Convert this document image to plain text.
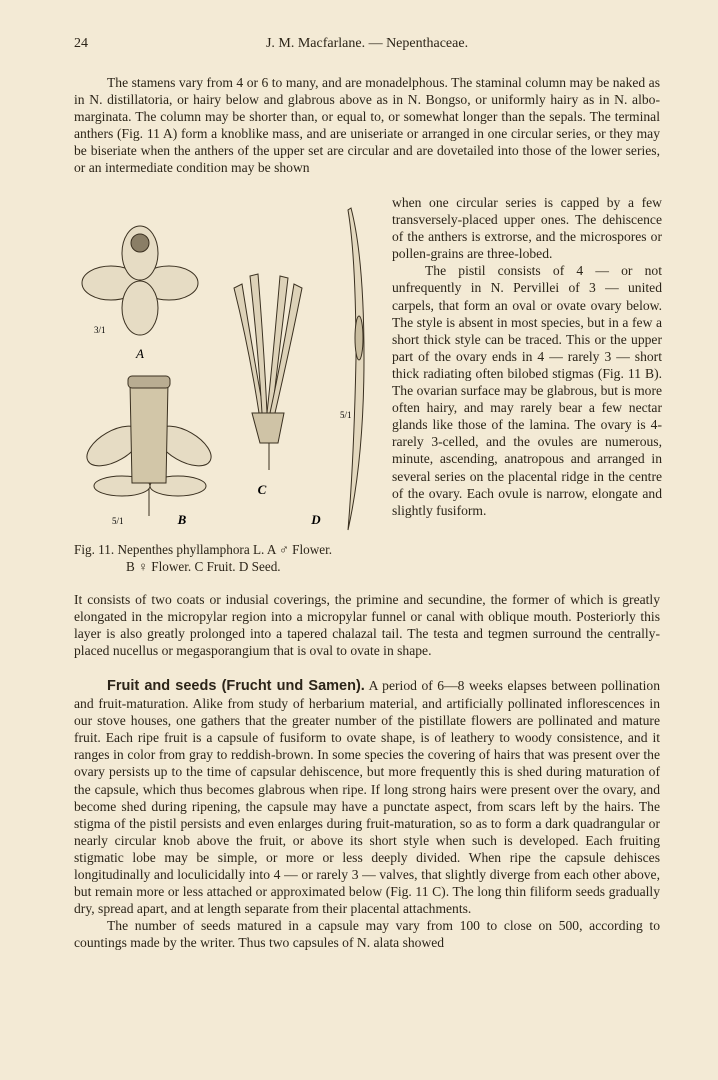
24	J. M. Macfarlane. — Nepenthaceae.

The stamens vary from 4 or 6 to many, and are monadelphous. The staminal column may be naked as in N. distillatoria, or hairy below and glabrous above as in N. Bongso, or uniformly hairy as in N. albo-marginata. The column may be shorter than, or equal to, or somewhat longer than the sepals. The terminal anthers (Fig. 11 A) form a knoblike mass, and are uniseriate or arranged in one circular series, or they may be biseriate when the anthers of the upper set are circular and are dovetailed into those of the lower series, or an intermediate condition may be shown

A
3/1
B
5/1
C
D
5/1

when one circular series is capped by a few transversely-placed upper ones. The dehiscence of the anthers is extrorse, and the microspores or pollen-grains are three-lobed.

The pistil consists of 4 — or not unfrequently in N. Pervillei of 3 — united carpels, that form an oval or ovate ovary below. The style is absent in most species, but in a few a short thick style can be traced. This or the upper part of the ovary ends in 4 — rarely 3 — short thick radiating often bilobed stigmas (Fig. 11 B). The ovarian surface may be glabrous, but is more often hairy, and may rarely bear a few nectar glands like those of the lamina. The ovary is 4- rarely 3-celled, and the ovules are numerous, minute, ascending, anatropous and arranged in several series on the placental ridge in the centre of the ovary. Each ovule is narrow, elongate and slightly fusiform.

Fig. 11. Nepenthes phyllamphora L. A ♂ Flower.
B ♀ Flower. C Fruit. D Seed.

It consists of two coats or indusial coverings, the primine and secundine, the former of which is greatly elongated in the micropylar region into a micropylar funnel or canal with oblique mouth. Posteriorly this layer is also greatly prolonged into a tapered chalazal tail. The testa and tegmen surround the centrally-placed nucellus or megasporangium that is oval to ovate in shape.

Fruit and seeds (Frucht und Samen). A period of 6—8 weeks elapses between pollination and fruit-maturation. Alike from study of herbarium material, and artificially pollinated inflorescences in our stove houses, one gathers that the greater number of the pistillate flowers are pollinated and mature fruit. Each ripe fruit is a capsule of fusiform to ovate shape, is of leathery to woody consistence, and it ranges in color from gray to reddish-brown. In some species the covering of hairs that was present over the ovary persists up to the time of capsular dehiscence, but more frequently this is shed during maturation of the capsule, which thus becomes glabrous when ripe. If long strong hairs were present over the ovary, and become shed during ripening, the capsule may have a punctate aspect, from scars left by the hairs. The stigma of the pistil persists and even enlarges during fruit-maturation, so as to form a dark quadrangular or nearly circular knob above the fruit, or above its short style when such is developed. Each fruiting stigmatic lobe may be simple, or more or less deeply divided. When ripe the capsule dehisces longitudinally and loculicidally into 4 — or rarely 3 — valves, that slightly diverge from each other above, but remain more or less attached or approximated below (Fig. 11 C). The long thin filiform seeds gradually dry, spread apart, and at length separate from their placental attachments.

The number of seeds matured in a capsule may vary from 100 to close on 500, according to countings made by the writer. Thus two capsules of N. alata showed
